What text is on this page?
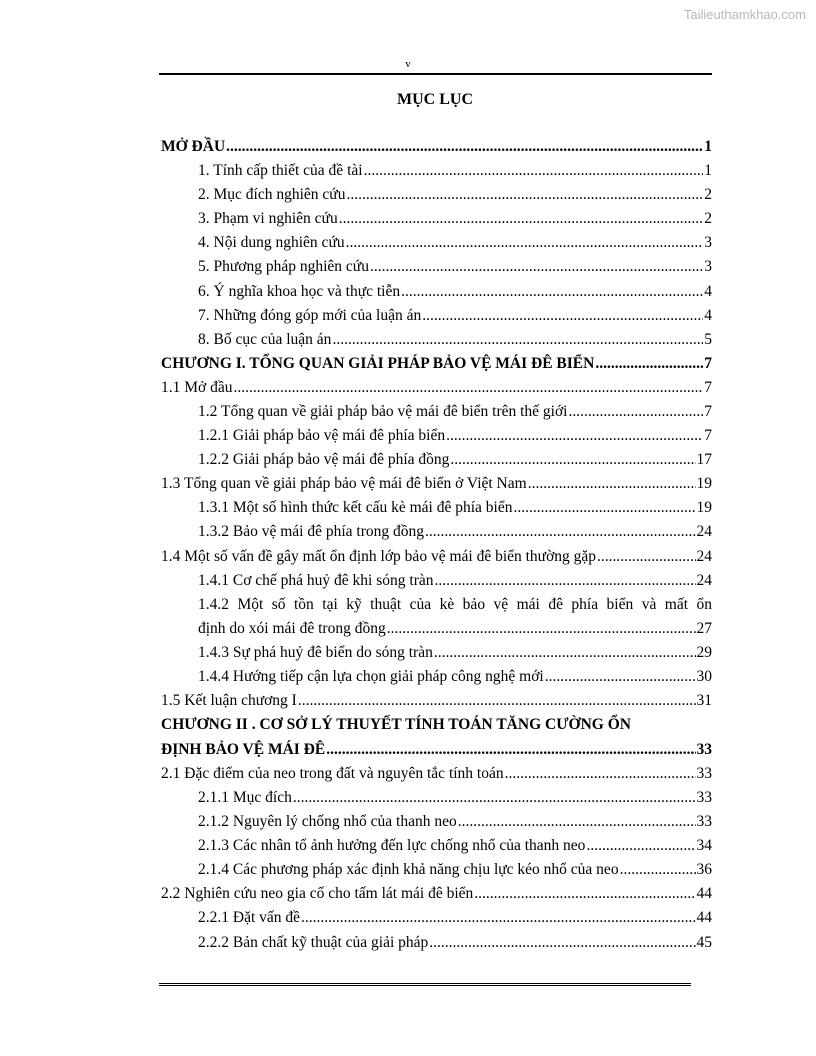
Tailieuthamkhao.com
v
MỤC LỤC
MỞ ĐẦU .....	1
1. Tính cấp thiết của đề tài .....	1
2. Mục đích nghiên cứu .....	2
3. Phạm vi nghiên cứu .....	2
4. Nội dung nghiên cứu .....	3
5. Phương pháp nghiên cứu .....	3
6. Ý nghĩa khoa học và thực tiễn .....	4
7. Những đóng góp mới của luận án .....	4
8. Bố cục của luận án .....	5
CHƯƠNG I. TỔNG QUAN GIẢI PHÁP BẢO VỆ MÁI ĐÊ BIỂN .....	7
1.1 Mở đầu .....	7
1.2 Tổng quan về giải pháp bảo vệ mái đê biển trên thế giới .....	7
1.2.1 Giải pháp bảo vệ mái đê phía biển .....	7
1.2.2 Giải pháp bảo vệ mái đê phía đồng .....	17
1.3 Tổng quan về giải pháp bảo vệ mái đê biển ở Việt Nam .....	19
1.3.1 Một số hình thức kết cấu kè mái đê phía biển .....	19
1.3.2 Bảo vệ mái đê phía trong đồng .....	24
1.4 Một số vấn đề gây mất ổn định lớp bảo vệ mái đê biển thường gặp .....	24
1.4.1 Cơ chế phá huỷ đê khi sóng tràn .....	24
1.4.2 Một số tồn tại kỹ thuật của kè bảo vệ mái đê phía biển và mất ổn
định do xói mái đê trong đồng .....	27
1.4.3 Sự phá huỷ đê biển do sóng tràn .....	29
1.4.4 Hướng tiếp cận lựa chọn giải pháp công nghệ mới .....	30
1.5 Kết luận chương I .....	31
CHƯƠNG II . CƠ SỞ LÝ THUYẾT TÍNH TOÁN TĂNG CƯỜNG ỔN
ĐỊNH BẢO VỆ MÁI ĐÊ .....	33
2.1 Đặc điểm của neo trong đất và nguyên tắc tính toán .....	33
2.1.1 Mục đích .....	33
2.1.2 Nguyên lý chống nhổ của thanh neo .....	33
2.1.3 Các nhân tố ảnh hưởng đến lực chống nhổ của thanh neo .....	34
2.1.4 Các phương pháp xác định khả năng chịu lực kéo nhổ của neo .....	36
2.2 Nghiên cứu neo gia cố cho tấm lát mái đê biển .....	44
2.2.1 Đặt vấn đề .....	44
2.2.2 Bản chất kỹ thuật của giải pháp .....	45
